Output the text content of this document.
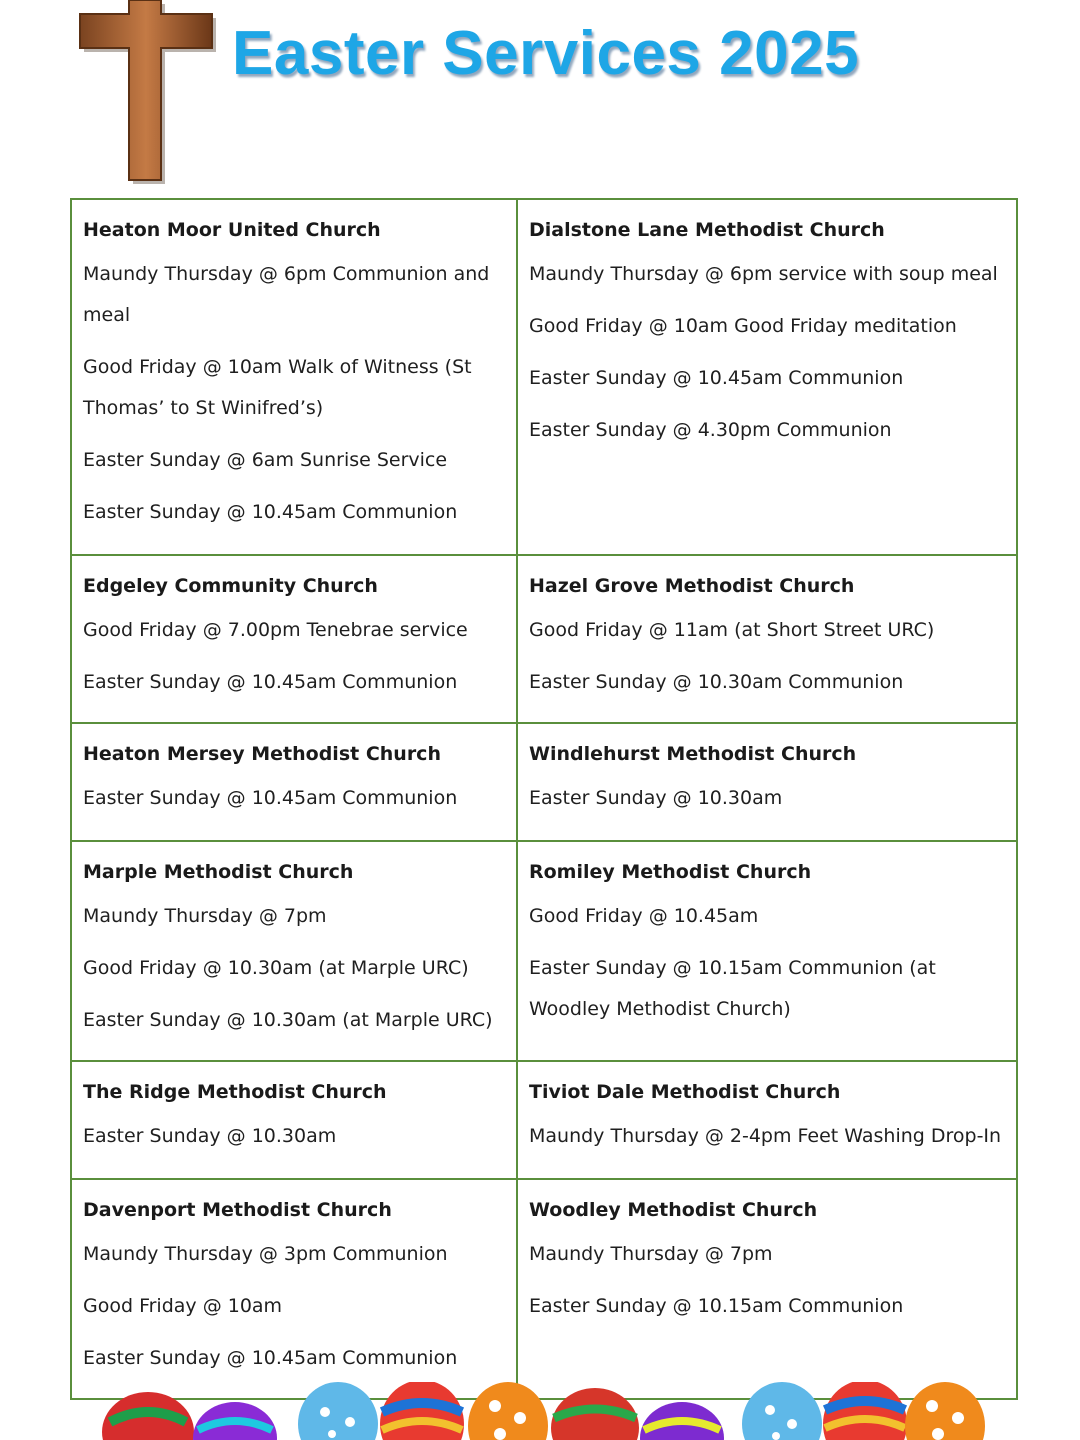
Easter Services 2025
Heaton Moor United Church
Maundy Thursday @ 6pm Communion and meal
Good Friday @ 10am Walk of Witness (St Thomas’ to St Winifred’s)
Easter Sunday @ 6am Sunrise Service
Easter Sunday @ 10.45am Communion
Dialstone Lane Methodist Church
Maundy Thursday @ 6pm service with soup meal
Good Friday @ 10am Good Friday meditation
Easter Sunday @ 10.45am Communion
Easter Sunday @ 4.30pm Communion
Edgeley Community Church
Good Friday @ 7.00pm Tenebrae service
Easter Sunday @ 10.45am Communion
Hazel Grove Methodist Church
Good Friday @ 11am (at Short Street URC)
Easter Sunday @ 10.30am Communion
Heaton Mersey Methodist Church
Easter Sunday @ 10.45am Communion
Windlehurst Methodist Church
Easter Sunday @ 10.30am
Marple Methodist Church
Maundy Thursday @ 7pm
Good Friday @ 10.30am (at Marple URC)
Easter Sunday @ 10.30am (at Marple URC)
Romiley Methodist Church
Good Friday @ 10.45am
Easter Sunday @ 10.15am Communion (at Woodley Methodist Church)
The Ridge Methodist Church
Easter Sunday @ 10.30am
Tiviot Dale Methodist Church
Maundy Thursday @ 2-4pm Feet Washing Drop-In
Davenport Methodist Church
Maundy Thursday @ 3pm Communion
Good Friday @ 10am
Easter Sunday @ 10.45am Communion
Woodley Methodist Church
Maundy Thursday @ 7pm
Easter Sunday @ 10.15am Communion
